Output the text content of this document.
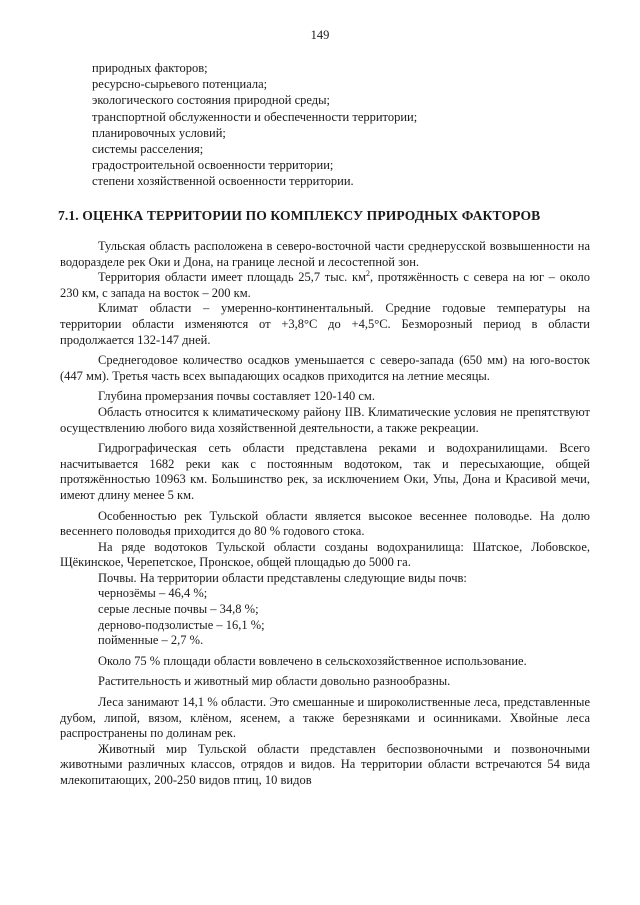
149
природных факторов;
ресурсно-сырьевого потенциала;
экологического состояния природной среды;
транспортной обслуженности и обеспеченности территории;
планировочных условий;
системы расселения;
градостроительной освоенности территории;
степени хозяйственной освоенности территории.
7.1. ОЦЕНКА ТЕРРИТОРИИ ПО КОМПЛЕКСУ ПРИРОДНЫХ ФАКТОРОВ

Тульская область расположена в северо-восточной части среднерусской возвышенности на водоразделе рек Оки и Дона, на границе лесной и лесостепной зон.

Территория области имеет площадь 25,7 тыс. $км^2$, протяжённость с севера на юг – около 230 км, с запада на восток – 200 км.

Климат области – умеренно-континентальный. Средние годовые температуры на территории области изменяются от +3,8°С до +4,5°С. Безморозный период в области продолжается 132-147 дней.

Среднегодовое количество осадков уменьшается с северо-запада (650 мм) на юго-восток (447 мм). Третья часть всех выпадающих осадков приходится на летние месяцы.

Глубина промерзания почвы составляет 120-140 см.

Область относится к климатическому району IIВ. Климатические условия не препятствуют осуществлению любого вида хозяйственной деятельности, а также рекреации.

Гидрографическая сеть области представлена реками и водохранилищами. Всего насчитывается 1682 реки как с постоянным водотоком, так и пересыхающие, общей протяжённостью 10963 км. Большинство рек, за исключением Оки, Упы, Дона и Красивой мечи, имеют длину менее 5 км.

Особенностью рек Тульской области является высокое весеннее половодье. На долю весеннего половодья приходится до 80 % годового стока.

На ряде водотоков Тульской области созданы водохранилища: Шатское, Лобовское, Щёкинское, Черепетское, Пронское, общей площадью до 5000 га.

Почвы. На территории области представлены следующие виды почв:

чернозёмы – 46,4 %;

серые лесные почвы – 34,8 %;

дерново-подзолистые – 16,1 %;

пойменные – 2,7 %.

Около 75 % площади области вовлечено в сельскохозяйственное использование.

Растительность и животный мир области довольно разнообразны.

Леса занимают 14,1 % области. Это смешанные и широколиственные леса, представленные дубом, липой, вязом, клёном, ясенем, а также березняками и осинниками. Хвойные леса распространены по долинам рек.

Животный мир Тульской области представлен беспозвоночными и позвоночными животными различных классов, отрядов и видов. На территории области встречаются 54 вида млекопитающих, 200-250 видов птиц, 10 видов
